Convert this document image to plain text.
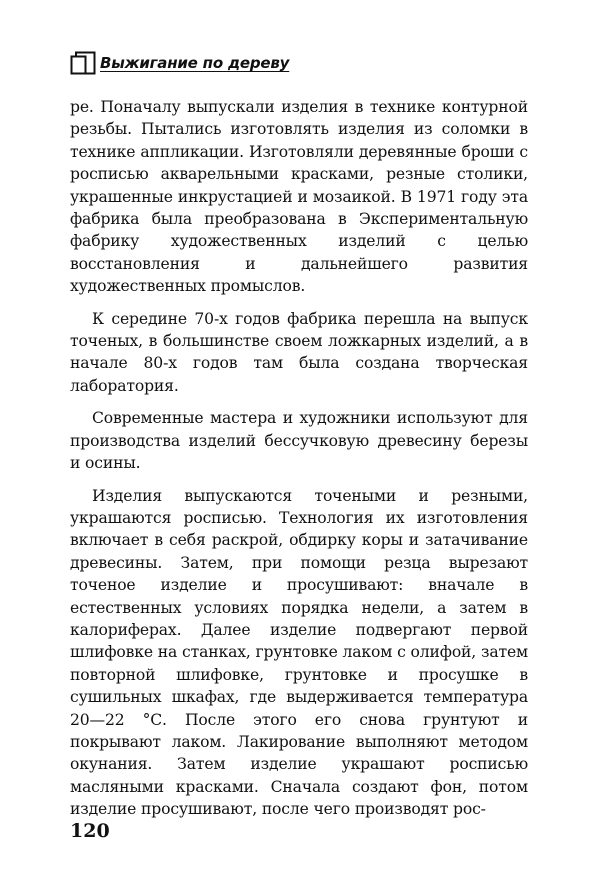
Выжигание по дереву

ре. Поначалу выпускали изделия в технике контурной резьбы. Пытались изготовлять изделия из соломки в технике аппликации. Изготовляли деревянные броши с росписью акварельными красками, резные столики, украшенные инкрустацией и мозаикой. В 1971 году эта фабрика была преобразована в Экспериментальную фабрику художественных изделий с целью восстановления и дальнейшего развития художественных промыслов.

К середине 70-х годов фабрика перешла на выпуск точеных, в большинстве своем ложкарных изделий, а в начале 80-х годов там была создана творческая лаборатория.

Современные мастера и художники используют для производства изделий бессучковую древесину березы и осины.

Изделия выпускаются точеными и резными, украшаются росписью. Технология их изготовления включает в себя раскрой, обдирку коры и затачивание древесины. Затем, при помощи резца вырезают точеное изделие и просушивают: вначале в естественных условиях порядка недели, а затем в калориферах. Далее изделие подвергают первой шлифовке на станках, грунтовке лаком с олифой, затем повторной шлифовке, грунтовке и просушке в сушильных шкафах, где выдерживается температура 20—22 °С. После этого его снова грунтуют и покрывают лаком. Лакирование выполняют методом окунания. Затем изделие украшают росписью масляными красками. Сначала создают фон, потом изделие просушивают, после чего производят рос-

120
